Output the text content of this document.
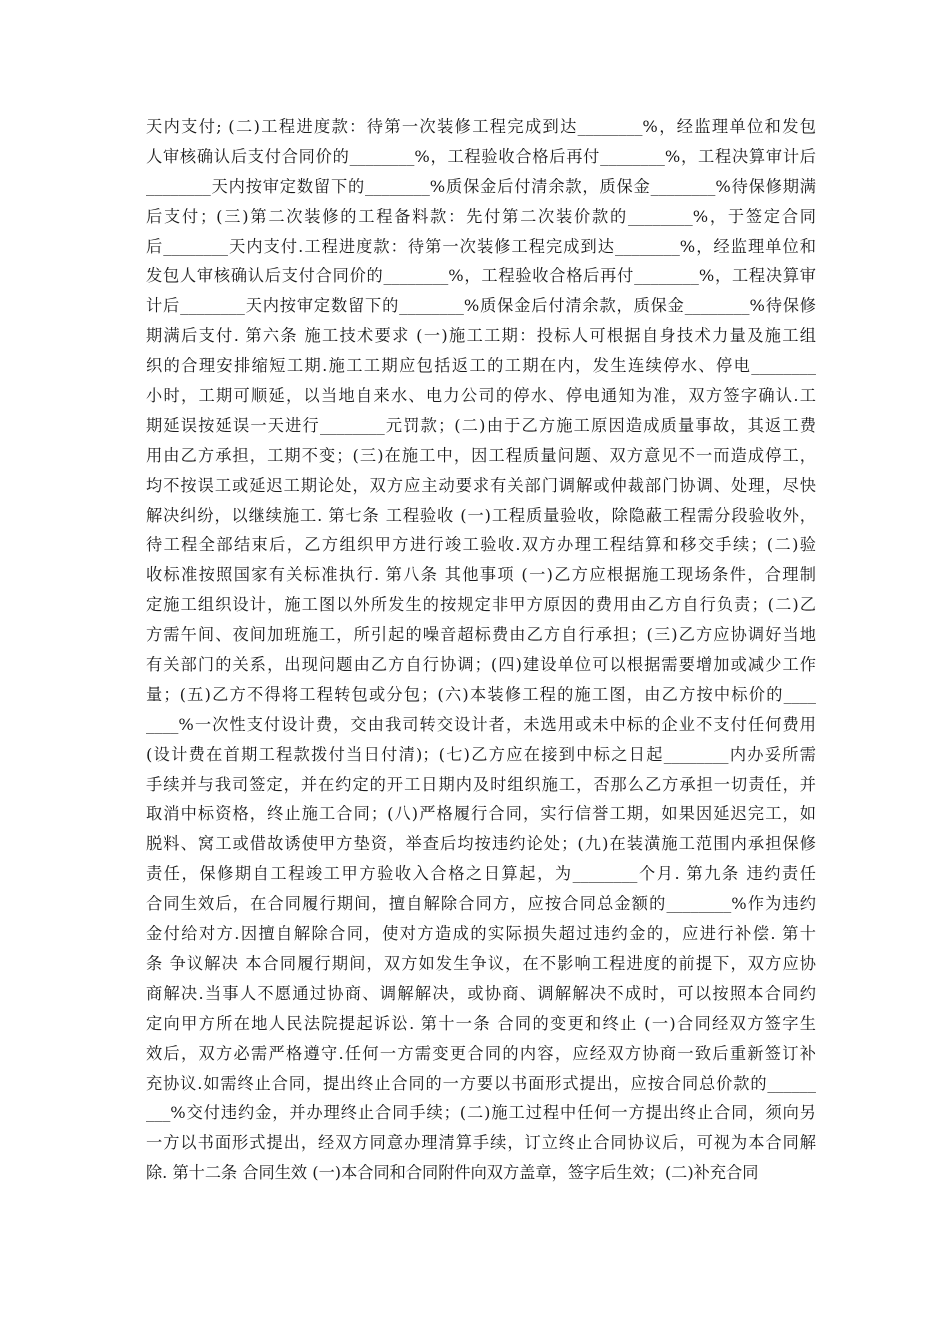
天内支付; (二)工程进度款：待第一次装修工程完成到达________%，经监理单位和发包
人审核确认后支付合同价的________%，工程验收合格后再付________%，工程决算审计后
________天内按审定数留下的________%质保金后付清余款，质保金________%待保修期满
后支付；(三)第二次装修的工程备料款：先付第二次装价款的________%，于签定合同
后________天内支付.工程进度款：待第一次装修工程完成到达________%，经监理单位和
发包人审核确认后支付合同价的________%，工程验收合格后再付________%，工程决算审
计后________天内按审定数留下的________%质保金后付清余款，质保金________%待保修
期满后支付. 第六条 施工技术要求 (一)施工工期：投标人可根据自身技术力量及施工组
织的合理安排缩短工期.施工工期应包括返工的工期在内，发生连续停水、停电________
小时，工期可顺延，以当地自来水、电力公司的停水、停电通知为准，双方签字确认.工
期延误按延误一天进行________元罚款；(二)由于乙方施工原因造成质量事故，其返工费
用由乙方承担，工期不变；(三)在施工中，因工程质量问题、双方意见不一而造成停工，
均不按误工或延迟工期论处，双方应主动要求有关部门调解或仲裁部门协调、处理，尽快
解决纠纷，以继续施工. 第七条 工程验收 (一)工程质量验收，除隐蔽工程需分段验收外，
待工程全部结束后，乙方组织甲方进行竣工验收.双方办理工程结算和移交手续；(二)验
收标准按照国家有关标准执行. 第八条 其他事项 (一)乙方应根据施工现场条件，合理制
定施工组织设计，施工图以外所发生的按规定非甲方原因的费用由乙方自行负责；(二)乙
方需午间、夜间加班施工，所引起的噪音超标费由乙方自行承担；(三)乙方应协调好当地
有关部门的关系，出现问题由乙方自行协调；(四)建设单位可以根据需要增加或减少工作
量；(五)乙方不得将工程转包或分包；(六)本装修工程的施工图，由乙方按中标价的____
____%一次性支付设计费，交由我司转交设计者，未选用或未中标的企业不支付任何费用
(设计费在首期工程款拨付当日付清)；(七)乙方应在接到中标之日起________内办妥所需
手续并与我司签定，并在约定的开工日期内及时组织施工，否那么乙方承担一切责任，并
取消中标资格，终止施工合同；(八)严格履行合同，实行信誉工期，如果因延迟完工，如
脱料、窝工或借故诱使甲方垫资，举查后均按违约论处；(九)在装潢施工范围内承担保修
责任，保修期自工程竣工甲方验收入合格之日算起，为________个月. 第九条 违约责任
合同生效后，在合同履行期间，擅自解除合同方，应按合同总金额的________%作为违约
金付给对方.因擅自解除合同，使对方造成的实际损失超过违约金的，应进行补偿. 第十
条 争议解决 本合同履行期间，双方如发生争议，在不影响工程进度的前提下，双方应协
商解决.当事人不愿通过协商、调解解决，或协商、调解解决不成时，可以按照本合同约
定向甲方所在地人民法院提起诉讼. 第十一条 合同的变更和终止 (一)合同经双方签字生
效后，双方必需严格遵守.任何一方需变更合同的内容，应经双方协商一致后重新签订补
充协议.如需终止合同，提出终止合同的一方要以书面形式提出，应按合同总价款的______
___%交付违约金，并办理终止合同手续；(二)施工过程中任何一方提出终止合同，须向另
一方以书面形式提出，经双方同意办理清算手续，订立终止合同协议后，可视为本合同解
除. 第十二条 合同生效 (一)本合同和合同附件向双方盖章，签字后生效；(二)补充合同
